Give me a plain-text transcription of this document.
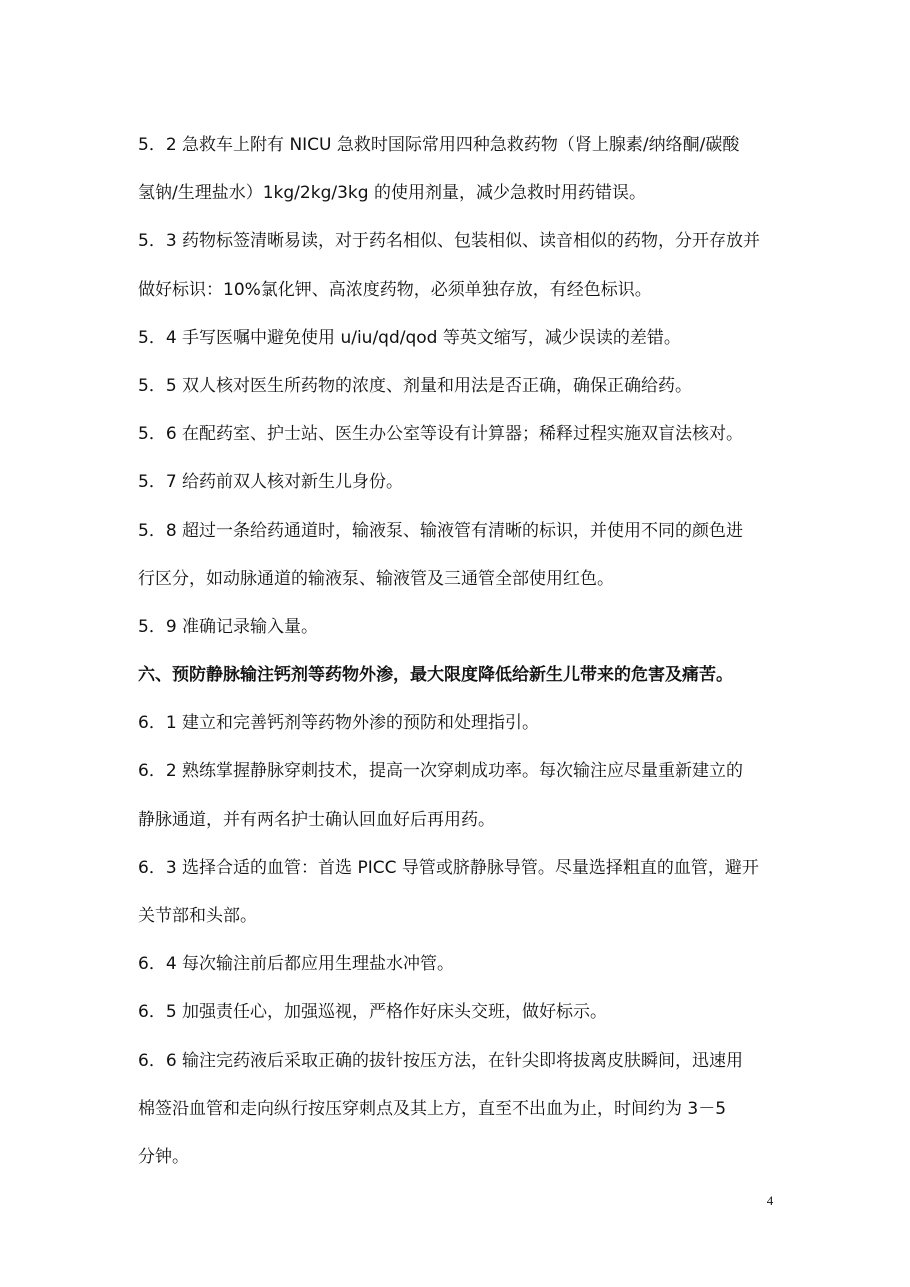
5．2 急救车上附有 NICU 急救时国际常用四种急救药物（肾上腺素/纳络酮/碳酸
氢钠/生理盐水）1kg/2kg/3kg 的使用剂量，减少急救时用药错误。
5．3 药物标签清晰易读，对于药名相似、包装相似、读音相似的药物，分开存放并
做好标识：10%氯化钾、高浓度药物，必须单独存放，有经色标识。
5．4 手写医嘱中避免使用 u/iu/qd/qod 等英文缩写，减少误读的差错。
5．5 双人核对医生所药物的浓度、剂量和用法是否正确，确保正确给药。
5．6 在配药室、护士站、医生办公室等设有计算器；稀释过程实施双盲法核对。
5．7 给药前双人核对新生儿身份。
5．8 超过一条给药通道时，输液泵、输液管有清晰的标识，并使用不同的颜色进
行区分，如动脉通道的输液泵、输液管及三通管全部使用红色。
5．9 准确记录输入量。
六、预防静脉输注钙剂等药物外渗，最大限度降低给新生儿带来的危害及痛苦。
6．1 建立和完善钙剂等药物外渗的预防和处理指引。
6．2 熟练掌握静脉穿刺技术，提高一次穿刺成功率。每次输注应尽量重新建立的
静脉通道，并有两名护士确认回血好后再用药。
6．3 选择合适的血管：首选 PICC 导管或脐静脉导管。尽量选择粗直的血管，避开
关节部和头部。
6．4 每次输注前后都应用生理盐水冲管。
6．5 加强责任心，加强巡视，严格作好床头交班，做好标示。
6．6 输注完药液后采取正确的拔针按压方法，在针尖即将拔离皮肤瞬间，迅速用
棉签沿血管和走向纵行按压穿刺点及其上方，直至不出血为止，时间约为 3－5
分钟。
4
